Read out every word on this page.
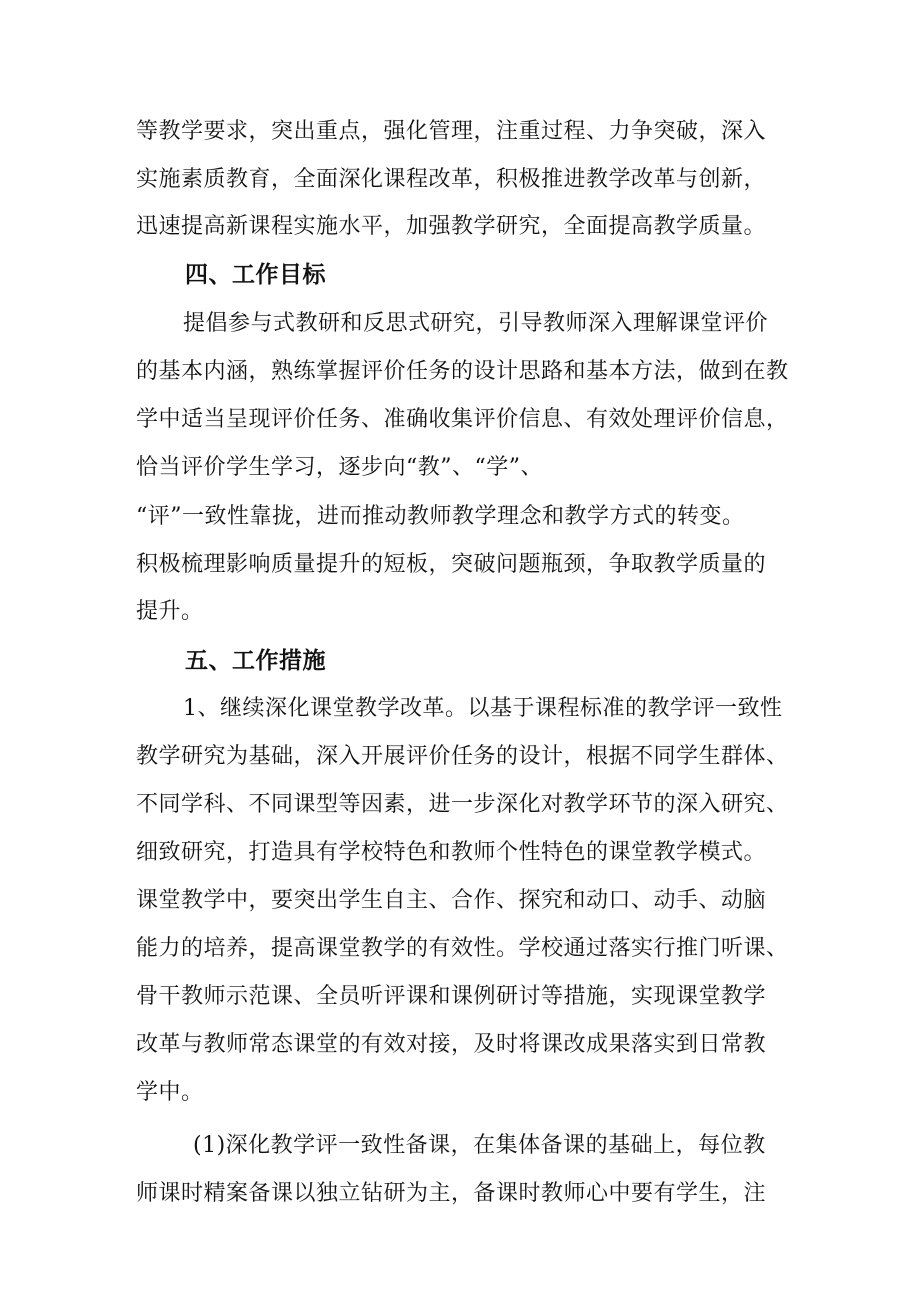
等教学要求，突出重点，强化管理，注重过程、力争突破，深入
实施素质教育，全面深化课程改革，积极推进教学改革与创新，
迅速提高新课程实施水平，加强教学研究，全面提高教学质量。
四、工作目标
提倡参与式教研和反思式研究，引导教师深入理解课堂评价
的基本内涵，熟练掌握评价任务的设计思路和基本方法，做到在教
学中适当呈现评价任务、准确收集评价信息、有效处理评价信息，
恰当评价学生学习，逐步向“教”、“学”、
“评”一致性靠拢，进而推动教师教学理念和教学方式的转变。
积极梳理影响质量提升的短板，突破问题瓶颈，争取教学质量的
提升。
五、工作措施
1、继续深化课堂教学改革。以基于课程标准的教学评一致性
教学研究为基础，深入开展评价任务的设计，根据不同学生群体、
不同学科、不同课型等因素，进一步深化对教学环节的深入研究、
细致研究，打造具有学校特色和教师个性特色的课堂教学模式。
课堂教学中，要突出学生自主、合作、探究和动口、动手、动脑
能力的培养，提高课堂教学的有效性。学校通过落实行推门听课、
骨干教师示范课、全员听评课和课例研讨等措施，实现课堂教学
改革与教师常态课堂的有效对接，及时将课改成果落实到日常教
学中。
(1)深化教学评一致性备课，在集体备课的基础上，每位教
师课时精案备课以独立钻研为主，备课时教师心中要有学生，注
